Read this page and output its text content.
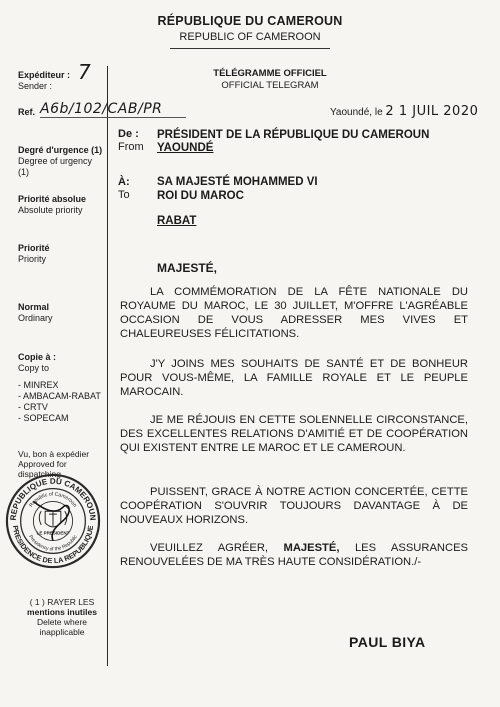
RÉPUBLIQUE DU CAMEROUN
REPUBLIC OF CAMEROON
Expéditeur :
Sender :
7
Ref. A6b/102/CAB/PR
Degré d'urgence (1)
Degree of urgency (1)
Priorité absolue
Absolute priority
Priorité
Priority
Normal
Ordinary
Copie à :
Copy to
- MINREX
- AMBACAM-RABAT
- CRTV
- SOPECAM
Vu, bon à expédier
Approved for
dispatching
REPUBLIQUE DU CAMEROUN
PRESIDENCE DE LA REPUBLIQUE
Republic of Cameroon
Presidency of the Republic
LE PRESIDENT
( 1 ) RAYER LES
mentions inutiles
Delete where
inapplicable
TÉLÉGRAMME OFFICIEL
OFFICIAL TELEGRAM
Yaoundé, le 2 1 JUIL 2020
De :
From
PRÉSIDENT DE LA RÉPUBLIQUE DU CAMEROUN
YAOUNDÉ
À:
To
SA MAJESTÉ MOHAMMED VI
ROI DU MAROC
RABAT
MAJESTÉ,

LA COMMÉMORATION DE LA FÊTE NATIONALE DU ROYAUME DU MAROC, LE 30 JUILLET, M'OFFRE L'AGRÉABLE OCCASION DE VOUS ADRESSER MES VIVES ET CHALEUREUSES FÉLICITATIONS.

J'Y JOINS MES SOUHAITS DE SANTÉ ET DE BONHEUR POUR VOUS-MÊME, LA FAMILLE ROYALE ET LE PEUPLE MAROCAIN.

JE ME RÉJOUIS EN CETTE SOLENNELLE CIRCONSTANCE, DES EXCELLENTES RELATIONS D'AMITIÉ ET DE COOPÉRATION QUI EXISTENT ENTRE LE MAROC ET LE CAMEROUN.

PUISSENT, GRACE À NOTRE ACTION CONCERTÉE, CETTE COOPÉRATION S'OUVRIR TOUJOURS DAVANTAGE À DE NOUVEAUX HORIZONS.

VEUILLEZ AGRÉER, MAJESTÉ, LES ASSURANCES RENOUVELÉES DE MA TRÈS HAUTE CONSIDÉRATION./-

PAUL BIYA
